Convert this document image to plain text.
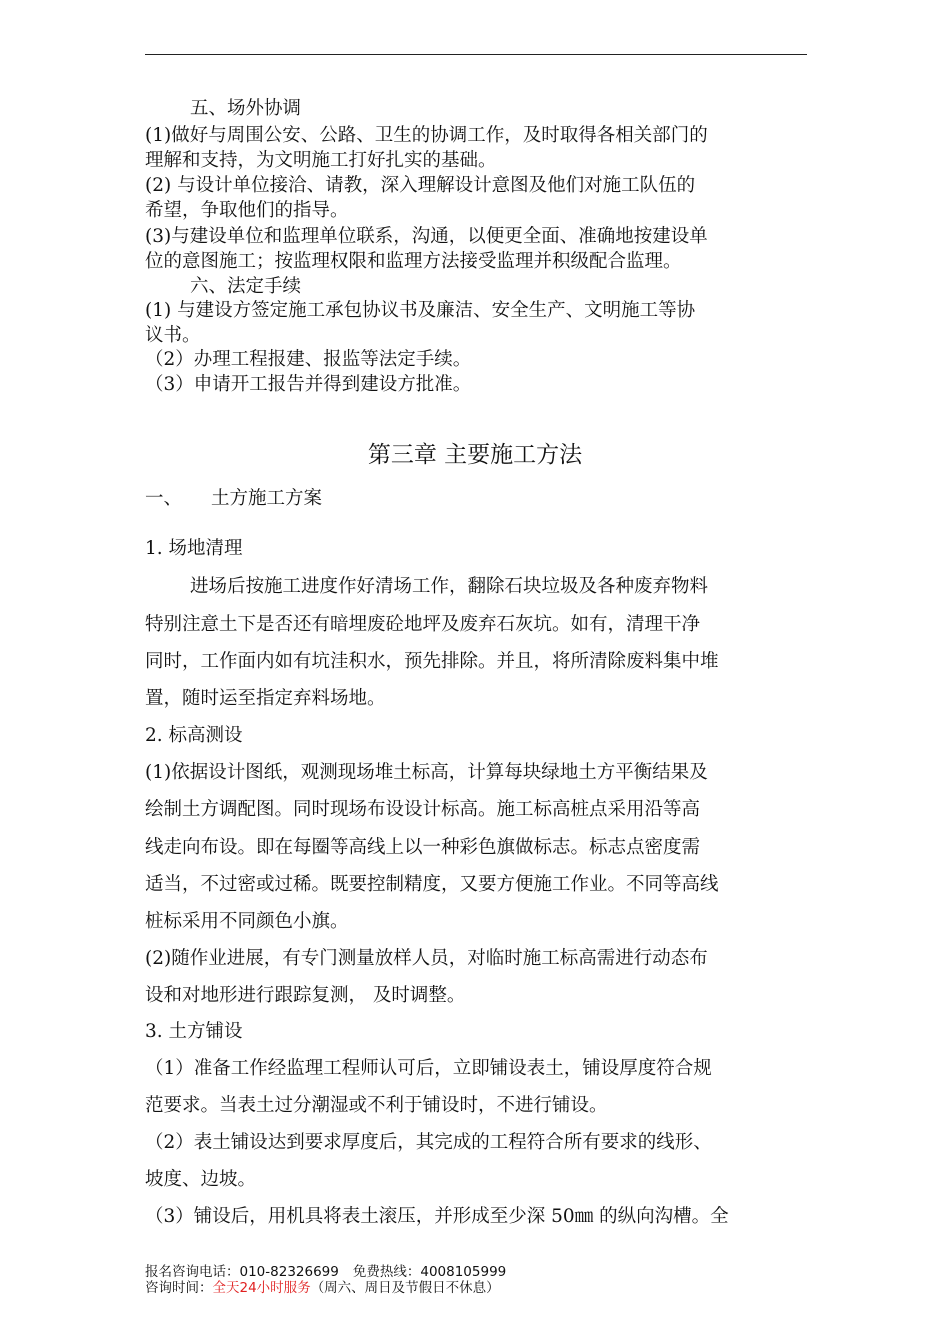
五、场外协调
(1)做好与周围公安、公路、卫生的协调工作，及时取得各相关部门的
理解和支持，为文明施工打好扎实的基础。
(2) 与设计单位接洽、请教，深入理解设计意图及他们对施工队伍的
希望，争取他们的指导。
(3)与建设单位和监理单位联系，沟通，以便更全面、准确地按建设单
位的意图施工；按监理权限和监理方法接受监理并积级配合监理。
六、法定手续
(1) 与建设方签定施工承包协议书及廉洁、安全生产、文明施工等协
议书。
（2）办理工程报建、报监等法定手续。
（3）申请开工报告并得到建设方批准。
第三章 主要施工方法
一、 土方施工方案
1. 场地清理
进场后按施工进度作好清场工作，翻除石块垃圾及各种废弃物料
特别注意土下是否还有暗埋废砼地坪及废弃石灰坑。如有，清理干净
同时，工作面内如有坑洼积水，预先排除。并且，将所清除废料集中堆
置，随时运至指定弃料场地。
2. 标高测设
(1)依据设计图纸，观测现场堆土标高，计算每块绿地土方平衡结果及
绘制土方调配图。同时现场布设设计标高。施工标高桩点采用沿等高
线走向布设。即在每圈等高线上以一种彩色旗做标志。标志点密度需
适当，不过密或过稀。既要控制精度，又要方便施工作业。不同等高线
桩标采用不同颜色小旗。
(2)随作业进展，有专门测量放样人员，对临时施工标高需进行动态布
设和对地形进行跟踪复测， 及时调整。
3. 土方铺设
（1）准备工作经监理工程师认可后，立即铺设表土，铺设厚度符合规
范要求。当表土过分潮湿或不利于铺设时，不进行铺设。
（2）表土铺设达到要求厚度后，其完成的工程符合所有要求的线形、
坡度、边坡。
（3）铺设后，用机具将表土滚压，并形成至少深 50㎜ 的纵向沟槽。全
报名咨询电话：010-82326699 免费热线：4008105999
咨询时间：全天24小时服务（周六、周日及节假日不休息）
